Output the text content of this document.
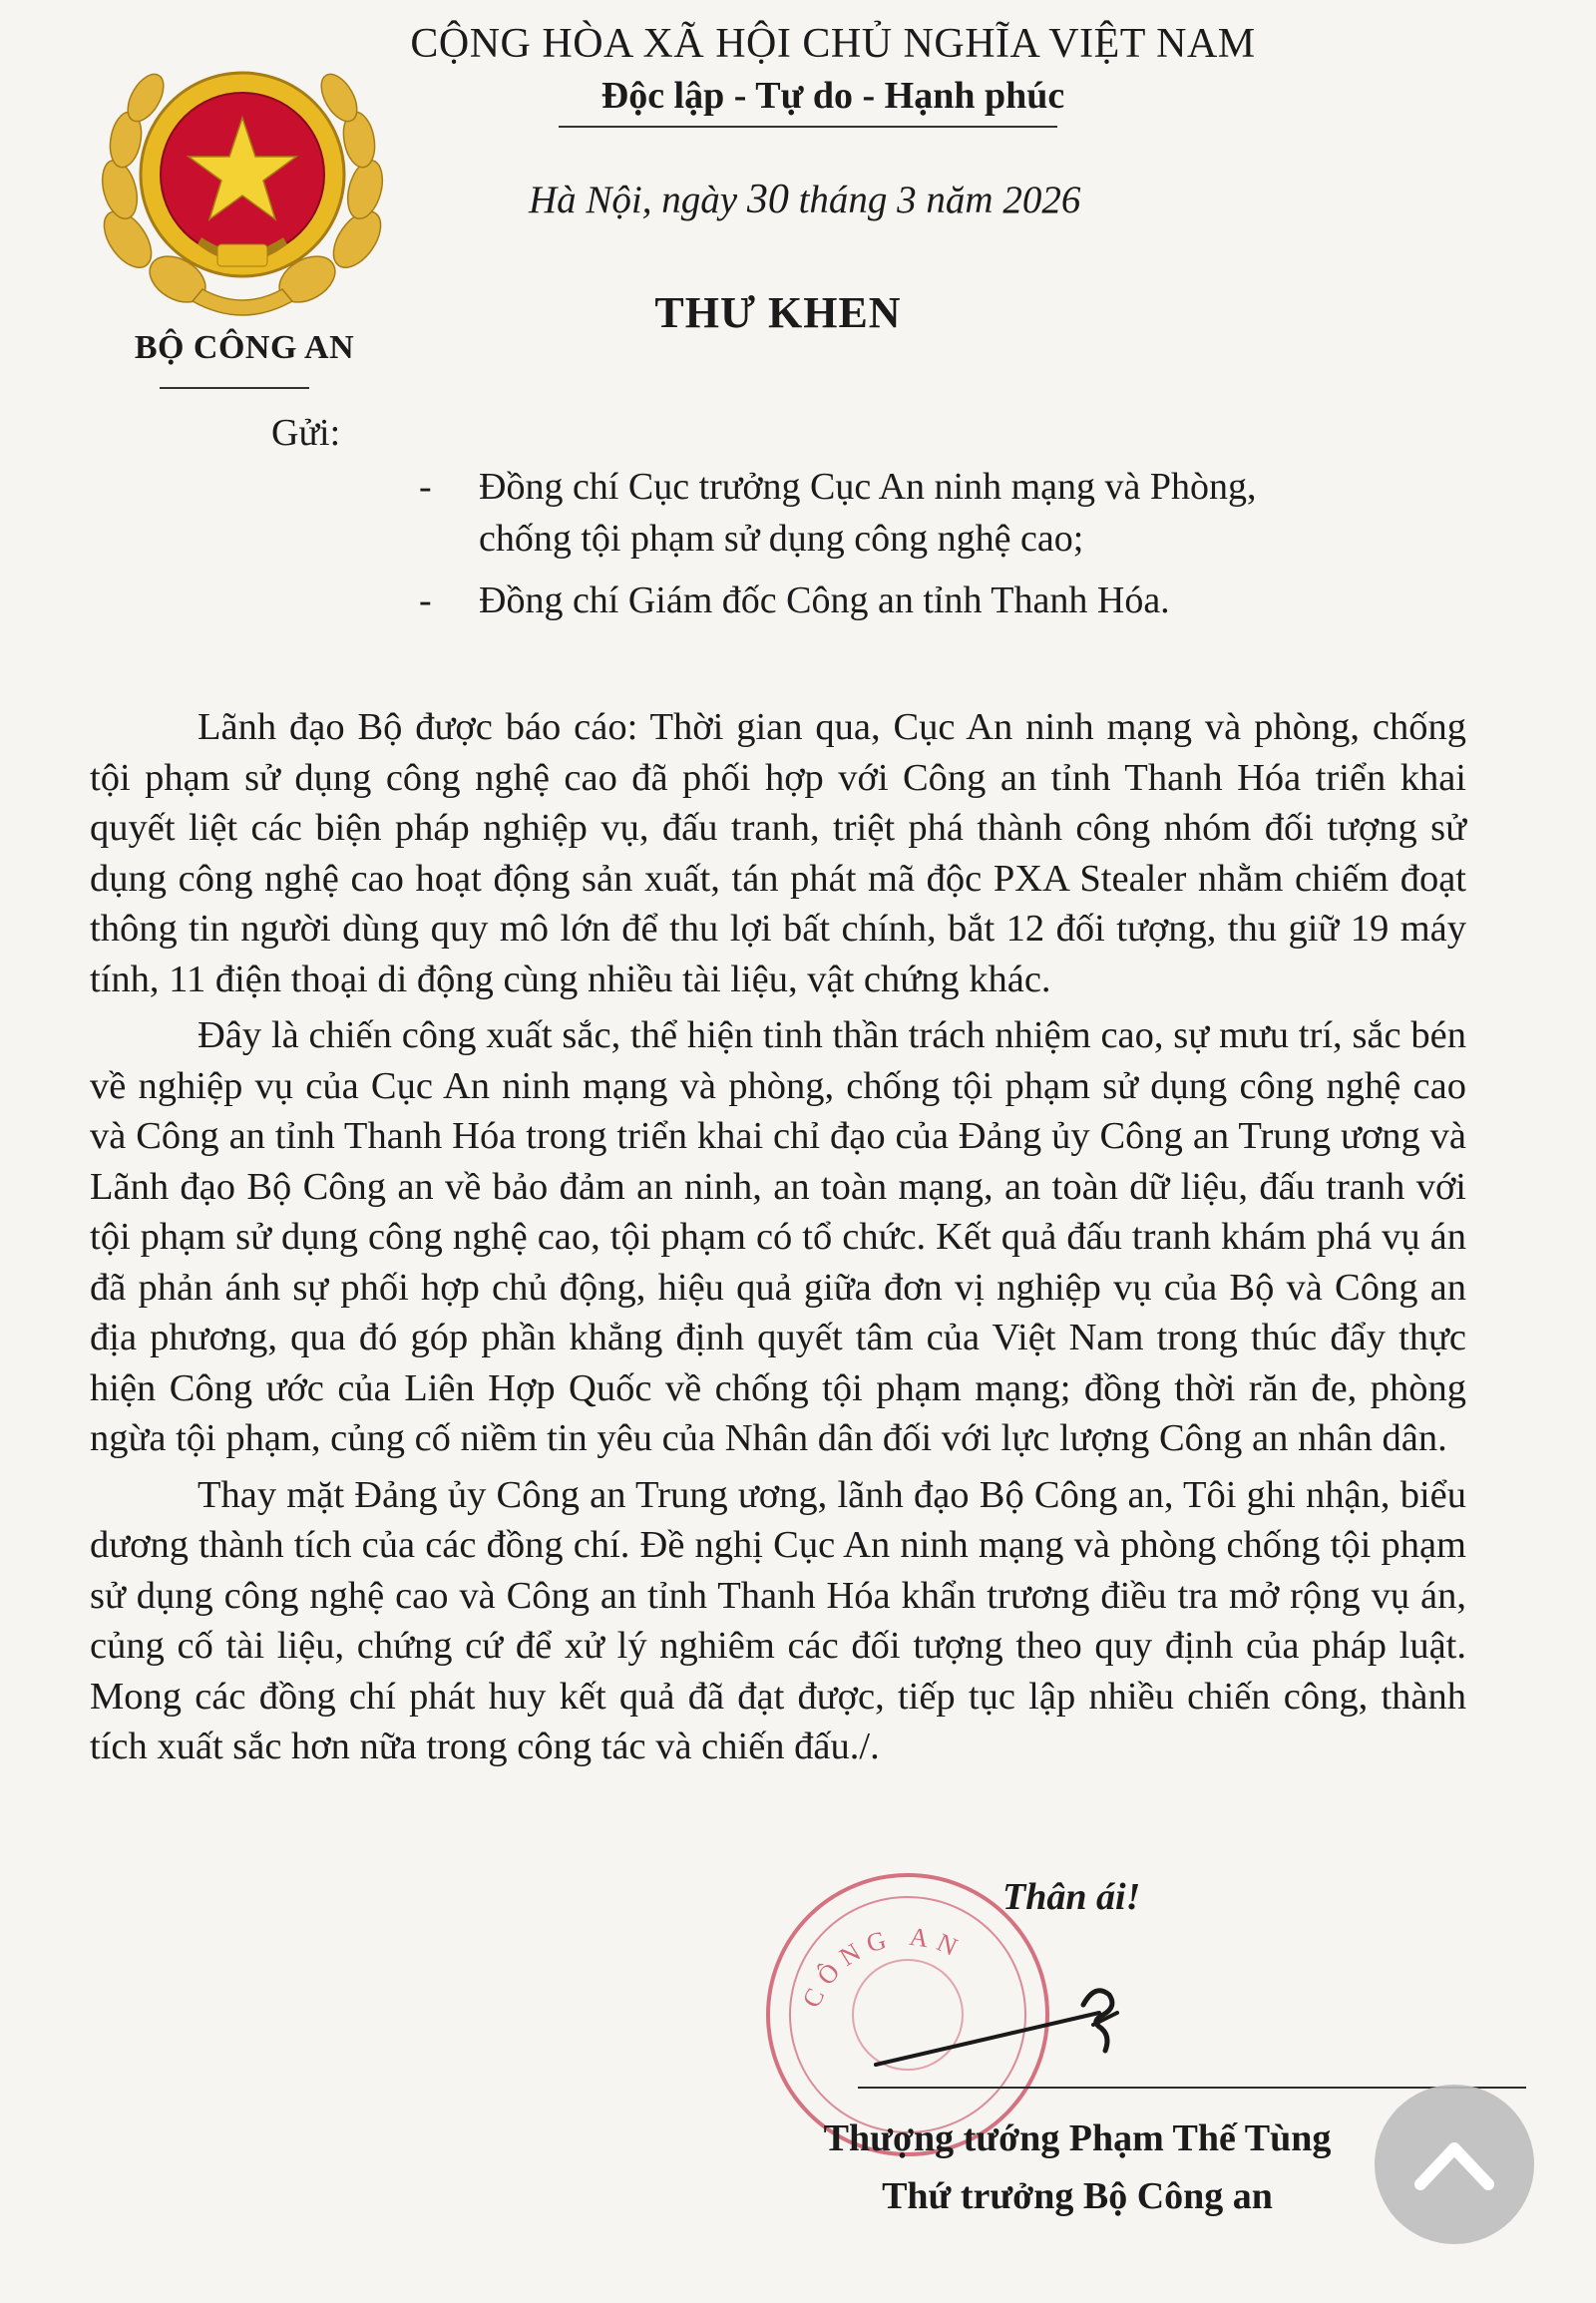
BỘ CÔNG AN
CỘNG HÒA XÃ HỘI CHỦ NGHĨA VIỆT NAM
Độc lập - Tự do - Hạnh phúc
Hà Nội, ngày 30 tháng 3 năm 2026
THƯ KHEN
Gửi:
- Đồng chí Cục trưởng Cục An ninh mạng và Phòng, chống tội phạm sử dụng công nghệ cao;
- Đồng chí Giám đốc Công an tỉnh Thanh Hóa.

Lãnh đạo Bộ được báo cáo: Thời gian qua, Cục An ninh mạng và phòng, chống tội phạm sử dụng công nghệ cao đã phối hợp với Công an tỉnh Thanh Hóa triển khai quyết liệt các biện pháp nghiệp vụ, đấu tranh, triệt phá thành công nhóm đối tượng sử dụng công nghệ cao hoạt động sản xuất, tán phát mã độc PXA Stealer nhằm chiếm đoạt thông tin người dùng quy mô lớn để thu lợi bất chính, bắt 12 đối tượng, thu giữ 19 máy tính, 11 điện thoại di động cùng nhiều tài liệu, vật chứng khác.

Đây là chiến công xuất sắc, thể hiện tinh thần trách nhiệm cao, sự mưu trí, sắc bén về nghiệp vụ của Cục An ninh mạng và phòng, chống tội phạm sử dụng công nghệ cao và Công an tỉnh Thanh Hóa trong triển khai chỉ đạo của Đảng ủy Công an Trung ương và Lãnh đạo Bộ Công an về bảo đảm an ninh, an toàn mạng, an toàn dữ liệu, đấu tranh với tội phạm sử dụng công nghệ cao, tội phạm có tổ chức. Kết quả đấu tranh khám phá vụ án đã phản ánh sự phối hợp chủ động, hiệu quả giữa đơn vị nghiệp vụ của Bộ và Công an địa phương, qua đó góp phần khẳng định quyết tâm của Việt Nam trong thúc đẩy thực hiện Công ước của Liên Hợp Quốc về chống tội phạm mạng; đồng thời răn đe, phòng ngừa tội phạm, củng cố niềm tin yêu của Nhân dân đối với lực lượng Công an nhân dân.

Thay mặt Đảng ủy Công an Trung ương, lãnh đạo Bộ Công an, Tôi ghi nhận, biểu dương thành tích của các đồng chí. Đề nghị Cục An ninh mạng và phòng chống tội phạm sử dụng công nghệ cao và Công an tỉnh Thanh Hóa khẩn trương điều tra mở rộng vụ án, củng cố tài liệu, chứng cứ để xử lý nghiêm các đối tượng theo quy định của pháp luật. Mong các đồng chí phát huy kết quả đã đạt được, tiếp tục lập nhiều chiến công, thành tích xuất sắc hơn nữa trong công tác và chiến đấu./.

CÔNG AN
Thân ái!
Thượng tướng Phạm Thế Tùng
Thứ trưởng Bộ Công an
